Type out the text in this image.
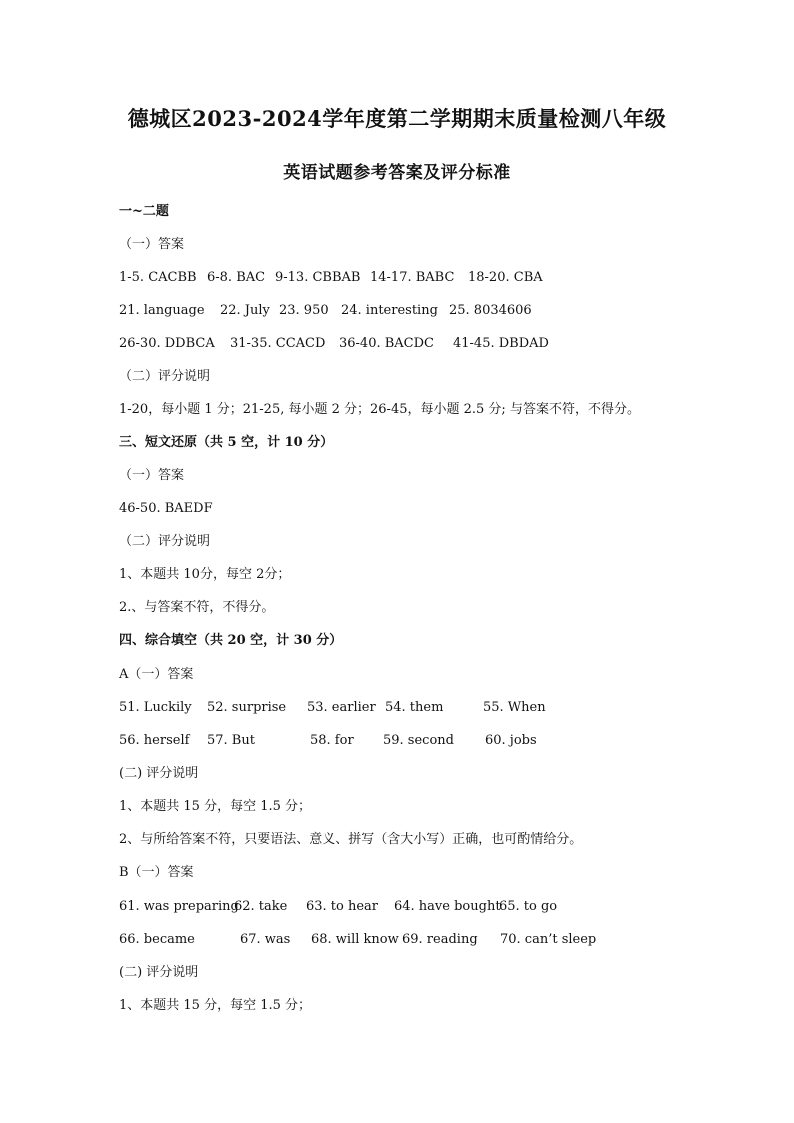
德城区2023-2024学年度第二学期期末质量检测八年级
英语试题参考答案及评分标准
一~二题
（一）答案
1-5. CACBB 6-8. BAC 9-13. CBBAB 14-17. BABC 18-20. CBA
21. language 22. July 23. 950 24. interesting 25. 8034606
26-30. DDBCA 31-35. CCACD 36-40. BACDC 41-45. DBDAD
（二）评分说明
1-20，每小题 1 分；21-25, 每小题 2 分；26-45，每小题 2.5 分; 与答案不符，不得分。
三、短文还原（共 5 空，计 10 分）
（一）答案
46-50. BAEDF
（二）评分说明
1、本题共 10分，每空 2分；
2.、与答案不符，不得分。
四、综合填空（共 20 空，计 30 分）
A（一）答案
51. Luckily 52. surprise 53. earlier 54. them	55. When
56. herself 57. But	58. for 59. second 60. jobs
(二) 评分说明
1、本题共 15 分，每空 1.5 分；
2、与所给答案不符，只要语法、意义、拼写（含大小写）正确，也可酌情给分。
B（一）答案
61. was preparing
62. take 63. to hear 64. have bought
65. to go
66. became	67. was 68. will know 69. reading 70. can’t sleep
(二) 评分说明
1、本题共 15 分，每空 1.5 分；
